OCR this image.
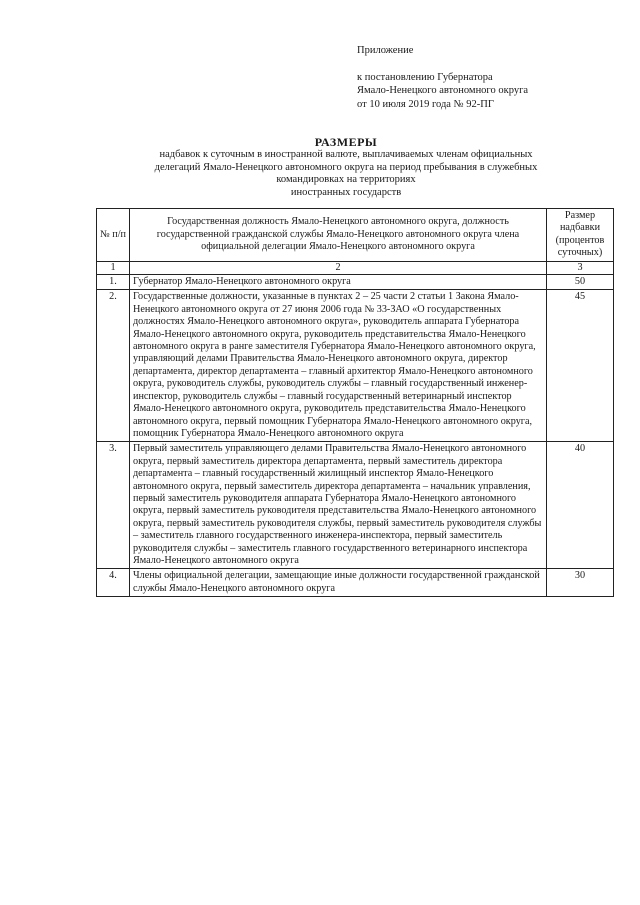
Приложение
к постановлению Губернатора
Ямало-Ненецкого автономного округа
от 10 июля 2019 года № 92-ПГ
РАЗМЕРЫ
надбавок к суточным в иностранной валюте, выплачиваемых членам официальных
делегаций Ямало-Ненецкого автономного округа на период пребывания в служебных
командировках на территориях
иностранных государств
№ п/п	Государственная должность Ямало-Ненецкого автономного округа, должность государственной гражданской службы Ямало-Ненецкого автономного округа члена официальной делегации Ямало-Ненецкого автономного округа	Размер надбавки (процентов суточных)
1	2	3
1.	Губернатор Ямало-Ненецкого автономного округа	50
2.	Государственные должности, указанные в пунктах 2 – 25 части 2 статьи 1 Закона Ямало-Ненецкого автономного округа от 27 июня 2006 года № 33-ЗАО «О государственных должностях Ямало-Ненецкого автономного округа», руководитель аппарата Губернатора Ямало-Ненецкого автономного округа, руководитель представительства Ямало-Ненецкого автономного округа в ранге заместителя Губернатора Ямало-Ненецкого автономного округа, управляющий делами Правительства Ямало-Ненецкого автономного округа, директор департамента, директор департамента – главный архитектор Ямало-Ненецкого автономного округа, руководитель службы, руководитель службы – главный государственный инженер-инспектор, руководитель службы – главный государственный ветеринарный инспектор Ямало-Ненецкого автономного округа, руководитель представительства Ямало-Ненецкого автономного округа, первый помощник Губернатора Ямало-Ненецкого автономного округа, помощник Губернатора Ямало-Ненецкого автономного округа	45
3.	Первый заместитель управляющего делами Правительства Ямало-Ненецкого автономного округа, первый заместитель директора департамента, первый заместитель директора департамента – главный государственный жилищный инспектор Ямало-Ненецкого автономного округа, первый заместитель директора департамента – начальник управления, первый заместитель руководителя аппарата Губернатора Ямало-Ненецкого автономного округа, первый заместитель руководителя представительства Ямало-Ненецкого автономного округа, первый заместитель руководителя службы, первый заместитель руководителя службы – заместитель главного государственного инженера-инспектора, первый заместитель руководителя службы – заместитель главного государственного ветеринарного инспектора Ямало-Ненецкого автономного округа	40
4.	Члены официальной делегации, замещающие иные должности государственной гражданской службы Ямало-Ненецкого автономного округа	30
